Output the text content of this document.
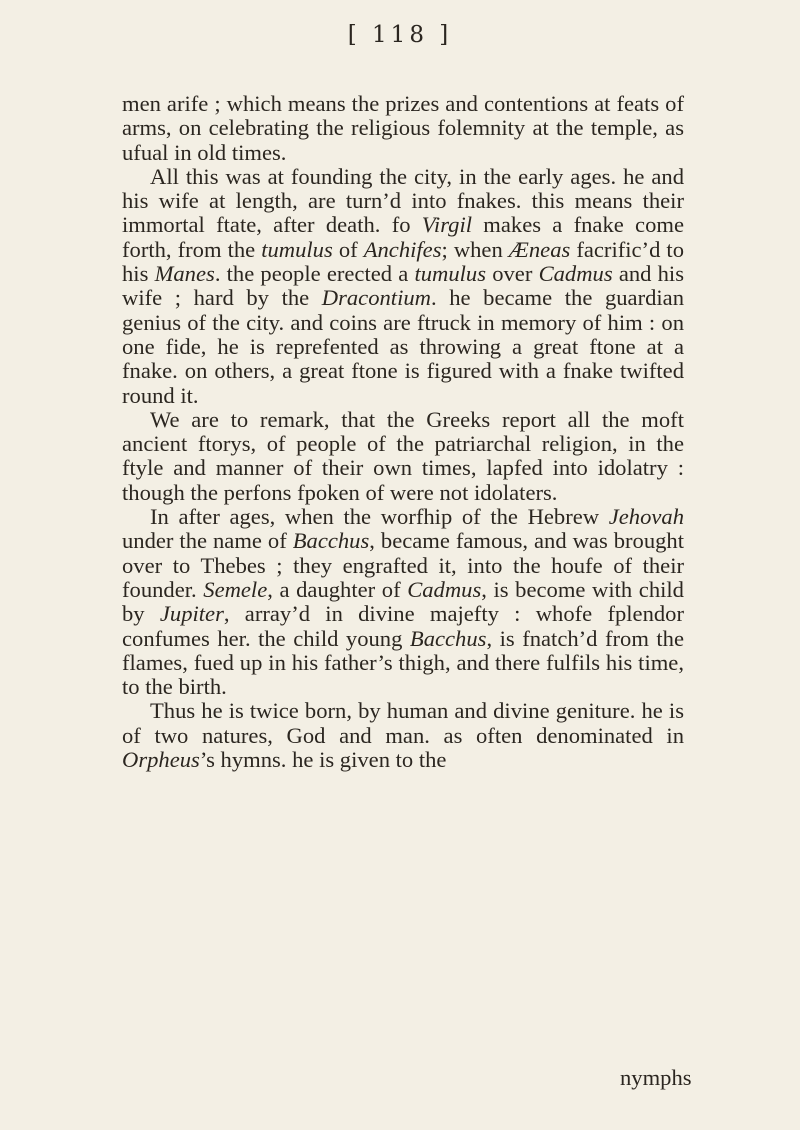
[ 118 ]

men arife ; which means the prizes and contentions at feats of arms, on celebrating the religious folemnity at the temple, as ufual in old times.

All this was at founding the city, in the early ages. he and his wife at length, are turn’d into fnakes. this means their immortal ftate, after death. fo Virgil makes a fnake come forth, from the tumulus of Anchifes; when Æneas facrific’d to his Manes. the people erected a tumulus over Cadmus and his wife ; hard by the Dracontium. he became the guardian genius of the city. and coins are ftruck in memory of him : on one fide, he is reprefented as throwing a great ftone at a fnake. on others, a great ftone is figured with a fnake twifted round it.

We are to remark, that the Greeks report all the moft ancient ftorys, of people of the patriarchal religion, in the ftyle and manner of their own times, lapfed into idolatry : though the perfons fpoken of were not idolaters.

In after ages, when the worfhip of the Hebrew Jehovah under the name of Bacchus, became famous, and was brought over to Thebes ; they engrafted it, into the houfe of their founder. Semele, a daughter of Cadmus, is become with child by Jupiter, array’d in divine majefty : whofe fplendor confumes her. the child young Bacchus, is fnatch’d from the flames, fued up in his father’s thigh, and there fulfils his time, to the birth.

Thus he is twice born, by human and divine geniture. he is of two natures, God and man. as often denominated in Orpheus’s hymns. he is given to the

nymphs
